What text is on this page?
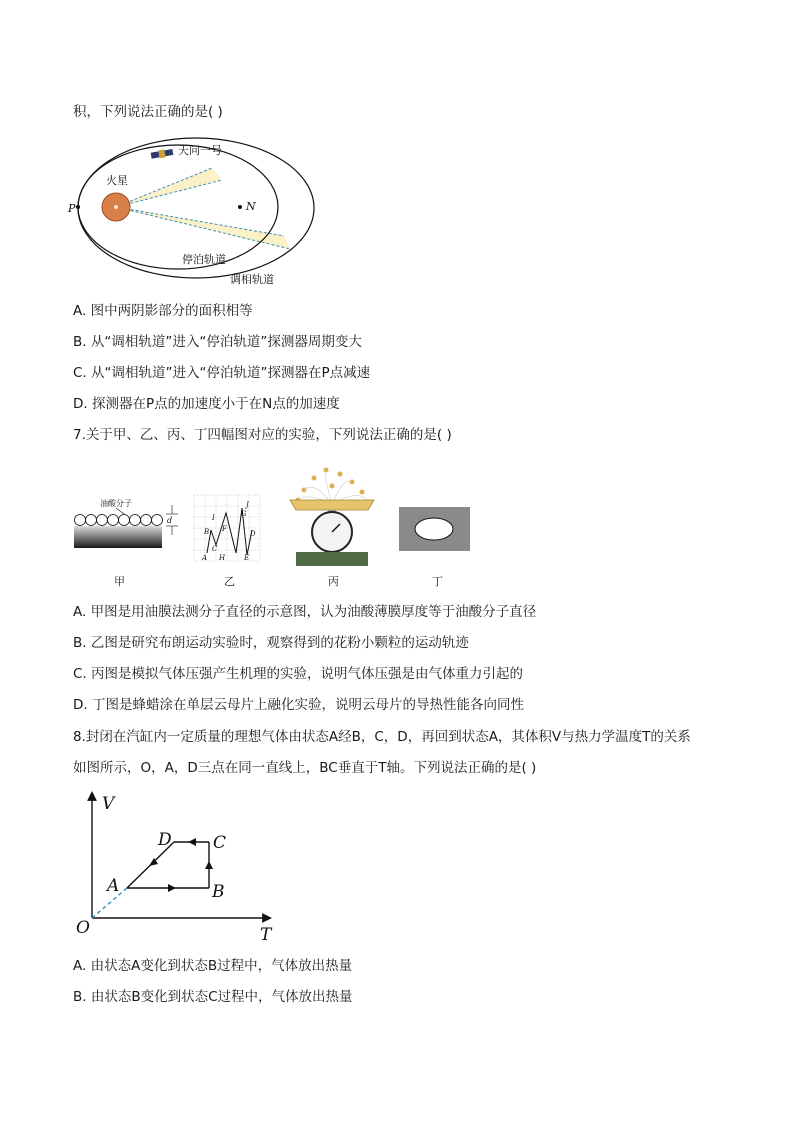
积，下列说法正确的是( )
天问一号
火星
P	N
停泊轨道
调相轨道
A. 图中两阴影部分的面积相等
B. 从“调相轨道”进入“停泊轨道”探测器周期变大
C. 从“调相轨道”进入“停泊轨道”探测器在P点减速
D. 探测器在P点的加速度小于在N点的加速度
7.关于甲、乙、丙、丁四幅图对应的实验，下列说法正确的是( )
油酸分子
d
J
G
F
B
C
D
A H	E
I
甲	乙	丙	丁
A. 甲图是用油膜法测分子直径的示意图，认为油酸薄膜厚度等于油酸分子直径
B. 乙图是研究布朗运动实验时，观察得到的花粉小颗粒的运动轨迹
C. 丙图是模拟气体压强产生机理的实验，说明气体压强是由气体重力引起的
D. 丁图是蜂蜡涂在单层云母片上融化实验，说明云母片的导热性能各向同性
8.封闭在汽缸内一定质量的理想气体由状态A经B，C，D，再回到状态A，其体积V与热力学温度T的关系
如图所示，O，A，D三点在同一直线上，BC垂直于T轴。下列说法正确的是( )
V
T
O
A	B
C
D
A. 由状态A变化到状态B过程中，气体放出热量
B. 由状态B变化到状态C过程中，气体放出热量
